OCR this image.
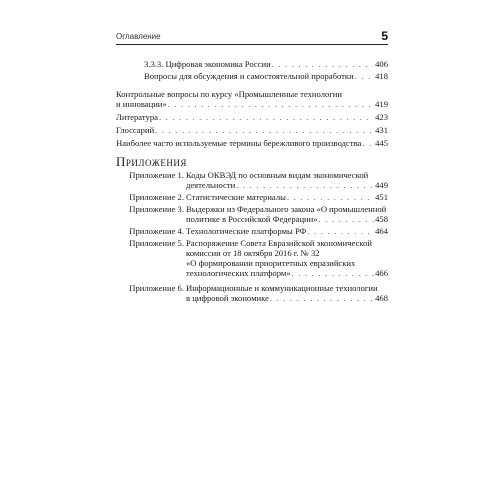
Оглавление	5
3.3.3. Цифровая экономика России . . .	406
Вопросы для обсуждения и самостоятельной проработки . . . 418
Контрольные вопросы по курсу «Промышленные технологии
и инновации» . . .	419
Литература . . .	423
Глоссарий . . .	431
Наиболее часто используемые термины бережливого производства . . . 445
Приложения
Приложение 1. Коды ОКВЭД по основным видам экономической
деятельности . . .	449
Приложение 2. Статистические материалы . . .	451
Приложение 3. Выдержки из Федерального закона «О промышленной
политике в Российской Федерации» . . .	458
Приложение 4. Технологические платформы РФ . . .	464
Приложение 5. Распоряжение Совета Евразийской экономической
комиссии от 18 октября 2016 г. № 32
«О формировании приоритетных евразийских
технологических платформ» . . .	466
Приложение 6. Информационные и коммуникационные технологии
в цифровой экономике . . .	468
